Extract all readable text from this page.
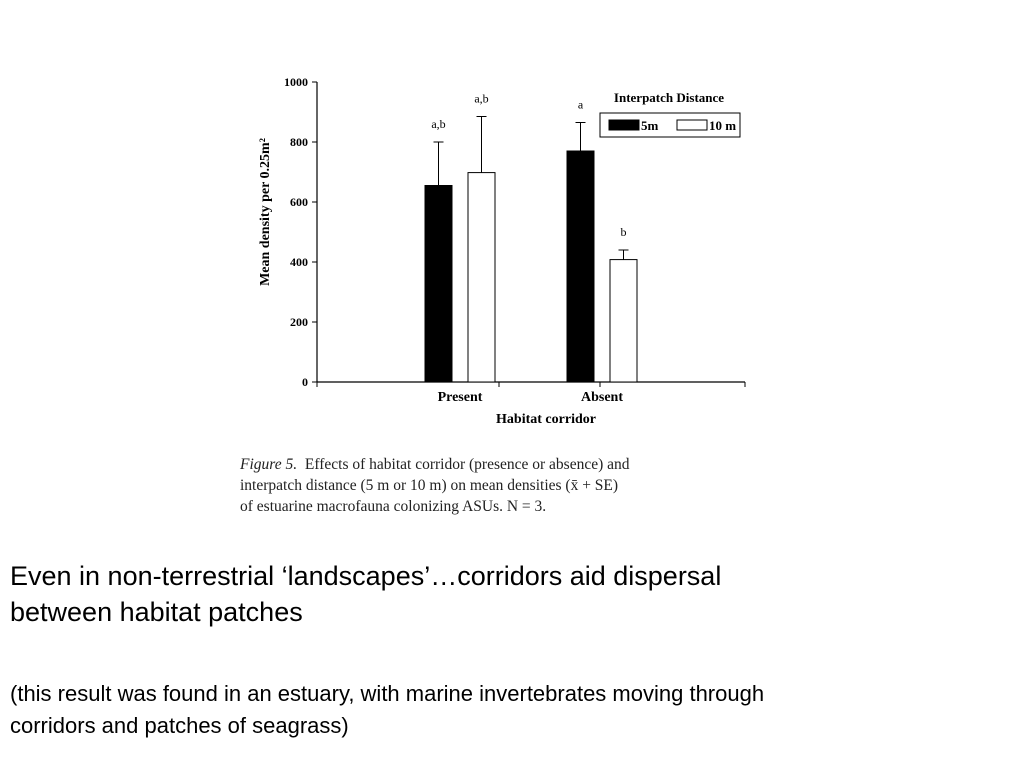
0
200
400
600
800
1000
Present	Absent
a,b
a,b	a
b
Mean density per 0.25m²
Habitat corridor
Interpatch Distance
5m	10 m
Figure 5. Effects of habitat corridor (presence or absence) and
interpatch distance (5 m or 10 m) on mean densities (x̄ + SE)
of estuarine macrofauna colonizing ASUs. N = 3.
Even in non-terrestrial ‘landscapes’…corridors aid dispersal
between habitat patches
(this result was found in an estuary, with marine invertebrates moving through
corridors and patches of seagrass)
